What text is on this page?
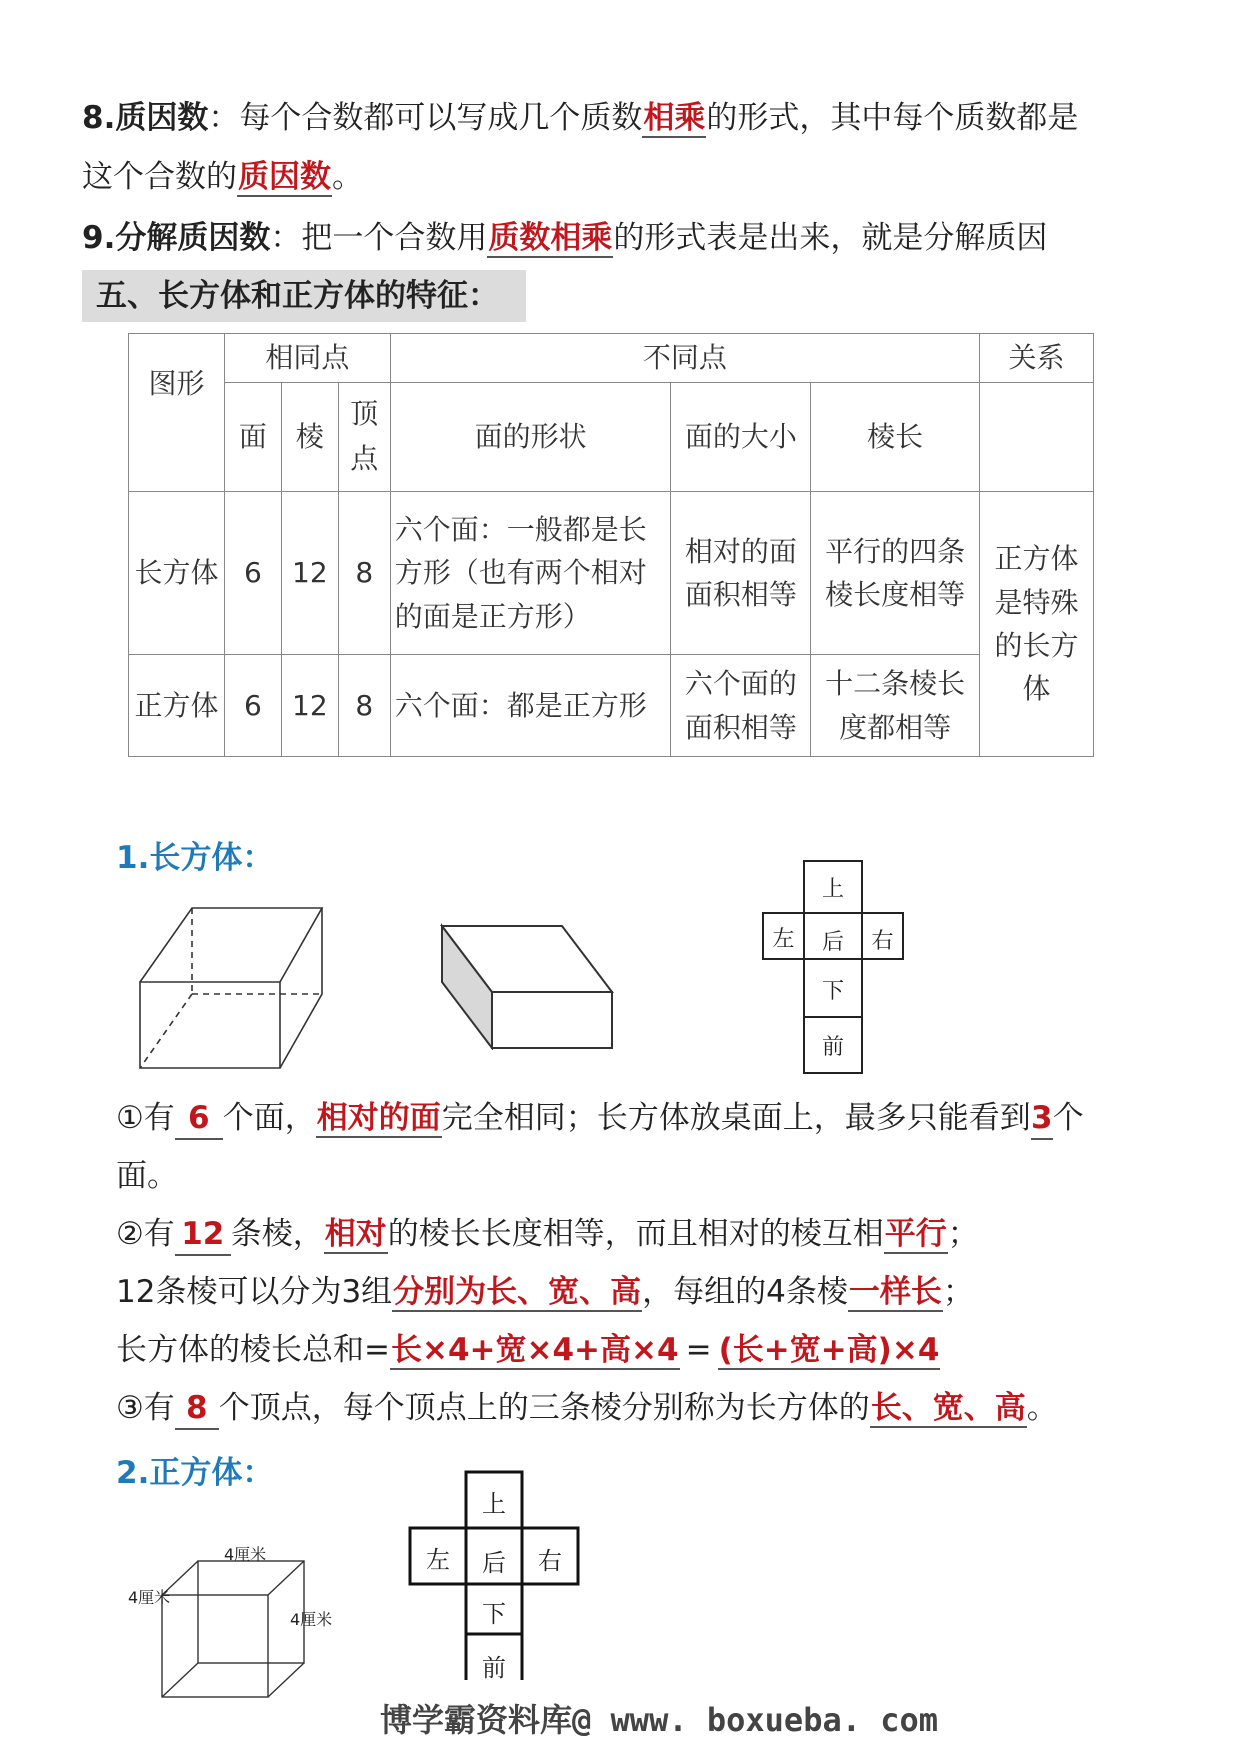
8.质因数：每个合数都可以写成几个质数相乘的形式，其中每个质数都是
这个合数的质因数。
9.分解质因数：把一个合数用质数相乘的形式表是出来，就是分解质因
五、长方体和正方体的特征：
图形	相同点			不同点			关系
	面	棱	顶点	面的形状	面的大小	棱长	
长方体	6	12	8	六个面：一般都是长方形（也有两个相对的面是正方形）	相对的面面积相等	平行的四条棱长度相等	正方体是特殊的长方体
正方体	6	12	8	六个面：都是正方形	六个面的面积相等	十二条棱长度都相等	
1.长方体：
上
左	后	右
下
前
①有 6 个面，相对的面完全相同；长方体放桌面上，最多只能看到3个
面。
②有 12 条棱，相对的棱长长度相等，而且相对的棱互相平行；
12条棱可以分为3组分别为长、宽、高，每组的4条棱一样长；
长方体的棱长总和=长×4+宽×4+高×4 = (长+宽+高)×4
③有 8 个顶点，每个顶点上的三条棱分别称为长方体的长、宽、高。
2.正方体：
4厘米
4厘米
4厘米
上
左	后	右
下
前
博学霸资料库@ www. boxueba. com
